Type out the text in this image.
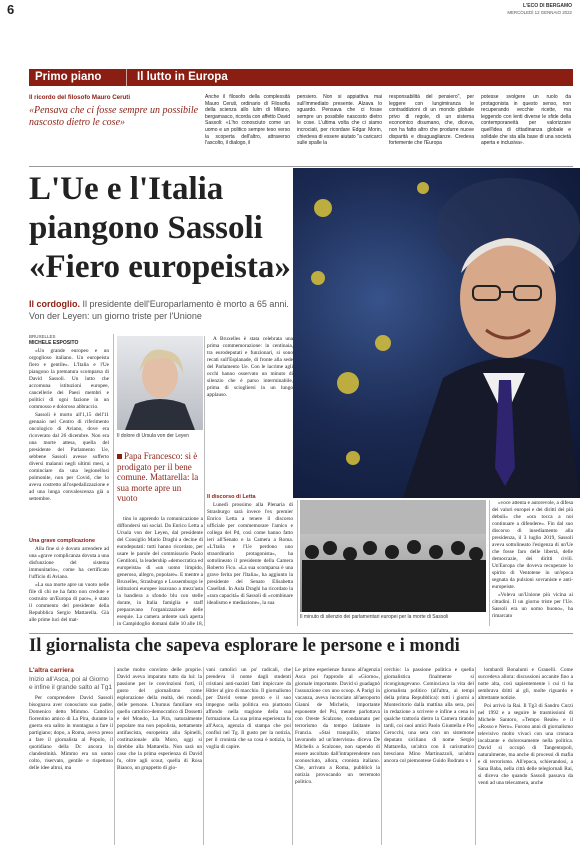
6	L'ECO DI BERGAMO
MERCOLEDÌ 12 GENNAIO 2022
Primo piano	Il lutto in Europa
Il ricordo del filosofo Mauro Ceruti
«Pensava che ci fosse sempre un possibile nascosto dietro le cose»
Anche il filosofo della complessità Mauro Ceruti, ordinario di Filosofia della scienza allo Iulm di Milano, bergamasco, ricorda con affetto David Sassoli: «L'ho conosciuto come un uomo e un politico sempre teso verso la scoperta dell'altro, attraverso l'ascolto, il dialogo, il
pensiero. Non si appiattiva mai sull'immediato presente. Alzava lo sguardo. Pensava che ci fosse sempre un possibile nascosto dietro le cose. L'ultima volta che ci siamo incrociati, per ricordare Edgar Morin, chiedeva di essere aiutato "a caricarci sulle spalle la
responsabilità del pensiero", per leggere con lungimiranza le contraddizioni di un mondo globale privo di regole, di un sistema economico disumano, che, diceva, non ha fatto altro che produrre nuove disparità e disuguaglianze. Credeva fortemente che l'Europa
potesse svolgere un ruolo da protagonista in questo senso, non recuperando vecchie ricette, ma leggendo con lenti diverse le sfide della contemporaneità per valorizzare quell'idea di cittadinanza globale e solidale che sta alla base di una società aperta e inclusiva».
L'Ue e l'Italia
piangono Sassoli
«Fiero europeista»
Il cordoglio. Il presidente dell'Europarlamento è morto a 65 anni. Von der Leyen: un giorno triste per l'Unione
BRUXELLES
MICHELE ESPOSITO

«Un grande europeo e un orgoglioso italiano. Un europeista fiero e gentile». L'Italia e l'Ue piangono la prematura scomparsa di David Sassoli. Un lutto che accomuna istituzioni europee, cancellerie dei Paesi membri e politici di ogni fazione in un commosso e doloroso abbraccio.

Sassoli è morto all'1,15 dell'11 gennaio nel Centro di riferimento oncologico di Aviano, dove era ricoverato dal 26 dicembre. Non era una morte attesa, quella del presidente del Parlamento Ue, sebbene Sassoli avesse sofferto diversi malanni negli ultimi mesi, a cominciare da una legionellosi polmonite, non per Covid, che lo aveva costretto all'ospedalizzazione e ad una lunga convalescenza già a settembre.

Una grave complicazione

Alla fine si è dovuto arrendere ad una «grave complicanza dovuta a una disfunzione del sistema immunitario», come ha certificato l'ufficio di Aviano.

«La sua morte apre un vuoto nelle file di chi ne ha fatto non credute e costruito un'Europa di pace», è stato il commento del presidente della Repubblica Sergio Mattarella. Già alle prime luci del mat-

Il dolore di Ursula von der Leyen
Papa Francesco: si è prodigato per il bene comune. Mattarella: la sua morte apre un vuoto

tino lo apprendo la comunicazione a diffondersi sui social. Da Enrico Letta a Ursula von der Leyen, dal presidente del Consiglio Mario Draghi a decine di eurodeputati: tutti hanno ricordato, per usare le parole del commissario Paolo Gentiloni, la leadership «democratica ed europeista» di «un uomo limpido, generoso, allegro, popolare». E mentre a Bruxelles, Strasburgo e Lussemburgo le istituzioni europee issavano a mezz'asta la bandiera a sfondo blu con stelle dorate, in Italia famiglia e staff preparavano l'organizzazione delle esequie. La camera ardente sarà aperta in Campidoglio domani dalle 10 alle 18,

A Bruxelles è stata celebrata una prima commemorazione: in centinaia, tra eurodeputati e funzionari, si sono recati sull'Esplanade, di fronte alla sede del Parlamento Ue. Con le lacrime agli occhi hanno osservato un minuto di silenzio che è parso interminabile, prima di sciogliersi in un lungo applauso.

Il discorso di Letta

Lunedì prossimo alla Plenaria di Strasburgo sarà invece l'ex premier Enrico Letta a tenere il discorso ufficiale per commemorare l'amico e collega del Pd, così come hanno fatto ieri all'Senato e la Camera a Roma. «L'Italia e l'Ue perdono uno straordinario protagonista», ha sottolineato il presidente della Camera Roberto Fico. «La sua scomparsa è una grave ferita per l'Italia», ha aggiunto la presidente del Senato Elisabetta Casellati. In Aula Draghi ha ricordato la «rara capacità» di Sassoli di «combinare idealismo e mediazione», la sua

Il minuto di silenzio dei parlamentari europei per la morte di Sassoli

«voce attenta e autorevole, a difesa dei valori europei e dei diritti dei più deboli» che «ora tocca a noi continuare a difendere». Fin dal suo discorso di insediamento alla presidenza, il 3 luglio 2019, Sassoli aveva sottolineato l'esigenza di un'Ue che fosse faro delle libertà, delle democrazie, dei diritti civili. Un'Europa che doveva recuperare lo spirito di Ventotene in un'epoca segnata da pulsioni sovraniste e anti-europeiste.

«Voleva un'Unione più vicina ai cittadini. Il un giorno triste per l'Ue. Sassoli era un uomo buono», ha rimarcato

Il giornalista che sapeva esplorare le persone e i mondi
L'altra carriera
Inizio all'Asca, poi al Giorno e infine il grande salto al Tg1
Per comprendere David Sassoli bisognava aver conosciuto suo padre, Domenico detto Mimmo. Cattolico fiorentino amico di La Pira, durante la guerra era salito in montagna a fare il partigiano; dopo, a Roma, aveva preso a fare il giornalista al Popolo, il quotidiano della Dc ancora in clandestinità. Mimmo era un uomo colto, riservato, gentile e rispettoso delle idee altrui, ma
anche molto convinto delle proprie. David aveva imparato tutto da lui: la passione per le convinzioni forti, il gusto del giornalismo come esplorazione della realtà, dei mondi, delle persone. L'humus familiare era quello cattolico-democratico di Dossetti e del Mondo, La Pira, naturalmente popolare ma non popolista, nettamente antifascista, europeista alla Spinelli, costituzionale alla Moro, oggi si direbbe alla Mattarella. Non sarà un caso che la prima esperienza di David fu, oltre agli scout, quella di Rosa Bianco, un gruppetto di gio-
vani cattolici un po' radicali, che prendeva il nome dagli studenti cristiani anti-nazisti fatti impiccare da Hitler al giro di macchio. Il giornalismo per David venne presto e il suo impegno nella politica era piuttosto affondo nella stagione della sua formazione. La sua prima esperienza fu all'Asca, agenzia di stampa che poi confluì nel Tg. Il gusto per la notizia, per il cronista che sa cosa è notizia, la voglia di capire.
Le prime esperienze furono all'agenzia Asca poi l'approdo al «Giorno», giornale importante. David si guadagnò l'assunzione con uno scoop. A Parigi in vacanza, aveva incrociato all'aeroporto Gianni de Michelis, importante esponente del Psi, mentre parlottava con Oreste Scalzone, condannato per terrorismo da tempo latitante in Francia. «Stai tranquillo, stiamo lavorando ad un'intervista» diceva De Michelis a Scalzone, non sapendo di essere ascoltato dall'intraprendente non sconosciuto, allora, cronista italiano. Che, arrivato a Roma, pubblicò la notizia provocando un terremoto politico.
cerchio: la passione politica e quella giornalistica finalmente si ricongiungevano. Cominciava la vita del giornalista politico (all'altra, ai tempi della prima Repubblica): tutti i giorni a Montecitorio dalla mattina alla sera, poi in redazione a scrivere e infine a cena in qualche trattoria dietro la Camera tirando tardi, coi suoi amici Paolo Giuntella e Pio Cerocchi, una sera con un sistemone deputato siciliano di nome Sergio Mattarella, un'altra con il carismatico bresciano Mino Martinazzoli, un'altra ancora col piemontese Guido Bodrato o i

lombardi Bonalumi e Granelli. Come succedeva allora: discussioni accanite fino a notte alta, così sapientemente i cui ti ha sembrava dritti ai gli, molte riguardo e altrettante notizie.

Poi arrivò la Rai. Il Tg3 di Sandro Curzi nel 1992 e a seguire le trasmissioni di Michele Santoro, «Tempo Reale» e il «Rosso e Nero». Furono anni di giornalismo televisivo molto vivaci con una cronaca incalzante e dolorosamente nella politica. David si occupò di Tangentopoli, naturalmente, ma anche di processi di mafia e di terrorismo. All'epoca, schierandosi, a Sana Baba, nella città delle telegiornali Rai, si diceva che quando Sassoli passava da venti ad una telecamera, anche
